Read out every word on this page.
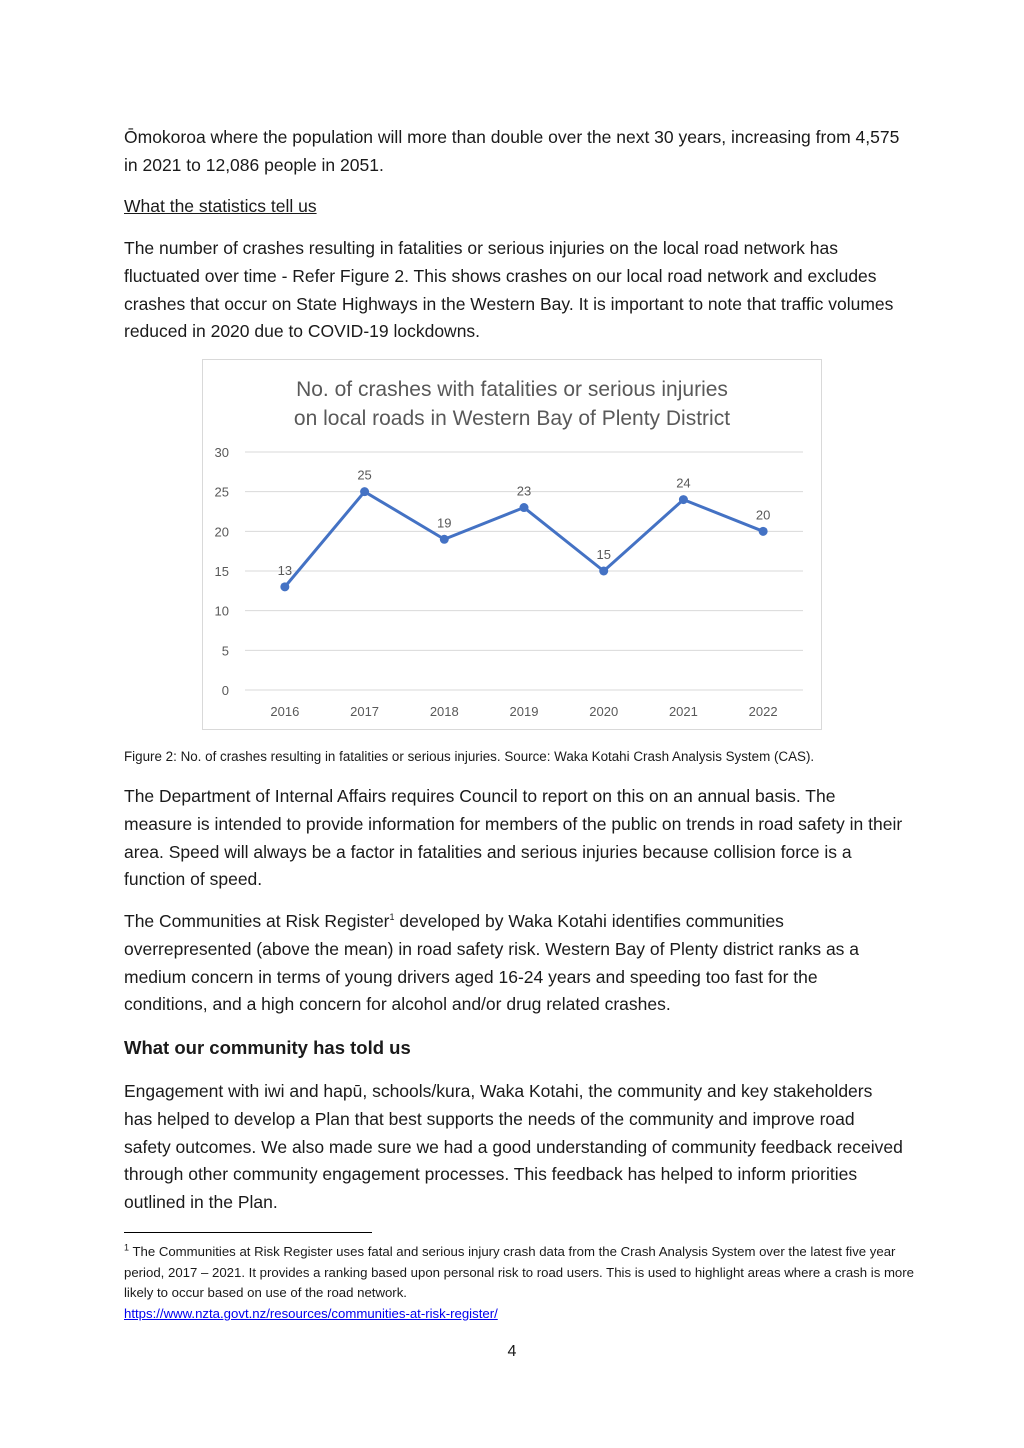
Ōmokoroa where the population will more than double over the next 30 years, increasing from 4,575 in 2021 to 12,086 people in 2051.

What the statistics tell us

The number of crashes resulting in fatalities or serious injuries on the local road network has fluctuated over time - Refer Figure 2. This shows crashes on our local road network and excludes crashes that occur on State Highways in the Western Bay. It is important to note that traffic volumes reduced in 2020 due to COVID-19 lockdowns.

No. of crashes with fatalities or serious injuries
on local roads in Western Bay of Plenty District
0
5
10
15
20
25
30
2016	2017	2018	2019	2020	2021	2022
13
25
19
23
15
24
20
Figure 2: No. of crashes resulting in fatalities or serious injuries. Source: Waka Kotahi Crash Analysis System (CAS).

The Department of Internal Affairs requires Council to report on this on an annual basis. The measure is intended to provide information for members of the public on trends in road safety in their area. Speed will always be a factor in fatalities and serious injuries because collision force is a function of speed.

The Communities at Risk Register$^1$ developed by Waka Kotahi identifies communities overrepresented (above the mean) in road safety risk. Western Bay of Plenty district ranks as a medium concern in terms of young drivers aged 16-24 years and speeding too fast for the conditions, and a high concern for alcohol and/or drug related crashes.

What our community has told us

Engagement with iwi and hapū, schools/kura, Waka Kotahi, the community and key stakeholders has helped to develop a Plan that best supports the needs of the community and improve road safety outcomes. We also made sure we had a good understanding of community feedback received through other community engagement processes. This feedback has helped to inform priorities outlined in the Plan.

$^1$ The Communities at Risk Register uses fatal and serious injury crash data from the Crash Analysis System over the latest five year period, 2017 – 2021. It provides a ranking based upon personal risk to road users. This is used to highlight areas where a crash is more likely to occur based on use of the road network.
https://www.nzta.govt.nz/resources/communities-at-risk-register/
4
